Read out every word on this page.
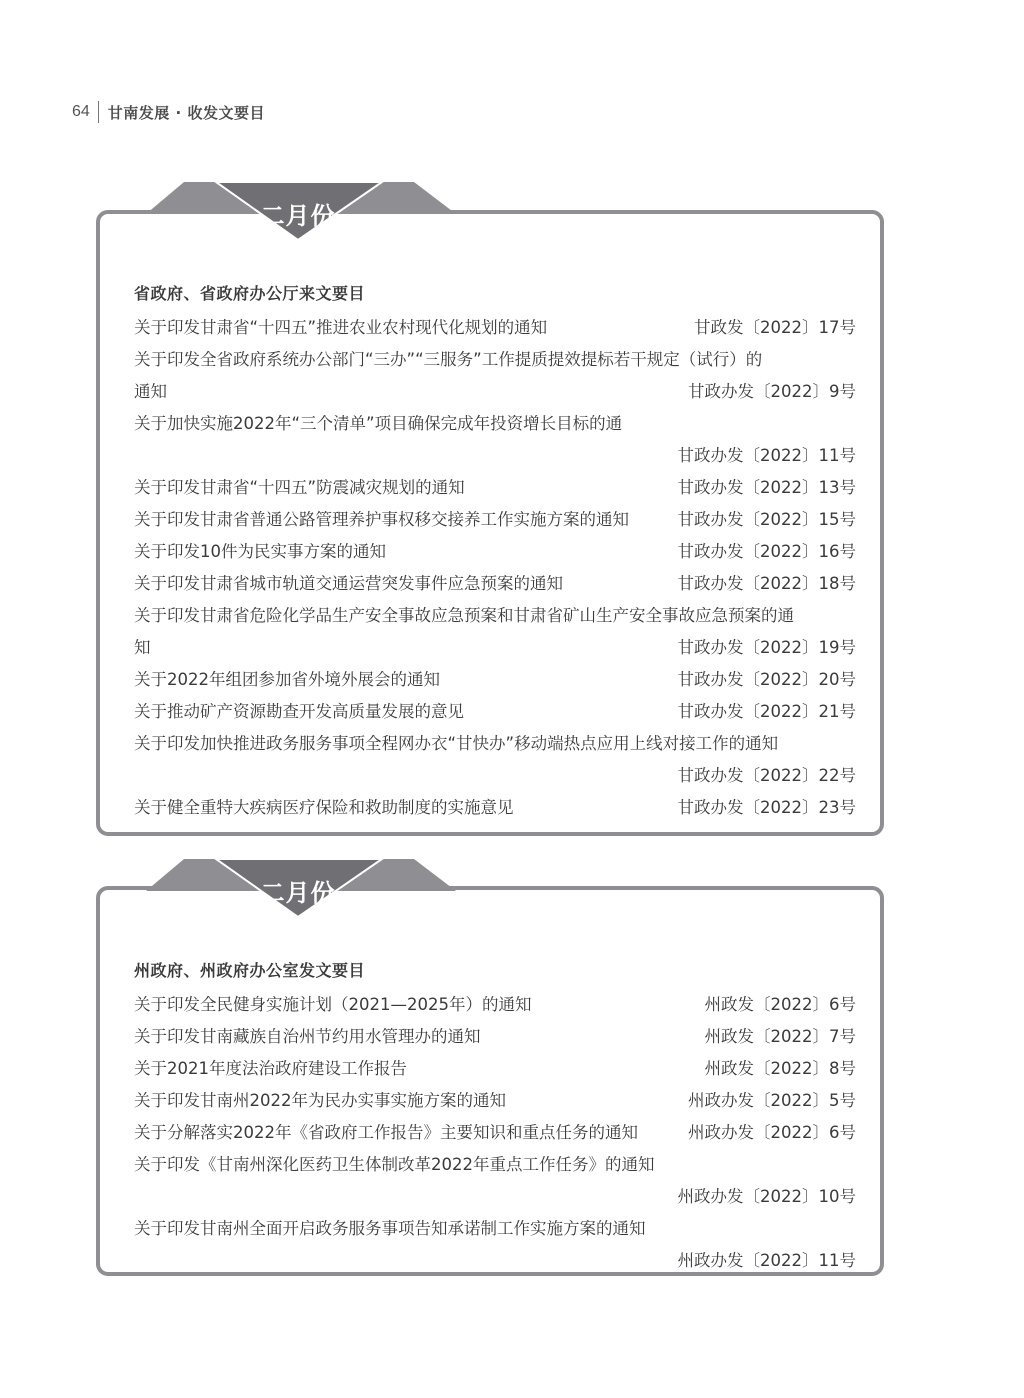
64 甘南发展 · 收发文要目
二月份
省政府、省政府办公厅来文要目
关于印发甘肃省“十四五”推进农业农村现代化规划的通知	甘政发〔2022〕17号
关于印发全省政府系统办公部门“三办”“三服务”工作提质提效提标若干规定（试行）的
通知	甘政办发〔2022〕9号
关于加快实施2022年“三个清单”项目确保完成年投资增长目标的通
甘政办发〔2022〕11号
关于印发甘肃省“十四五”防震减灾规划的通知	甘政办发〔2022〕13号
关于印发甘肃省普通公路管理养护事权移交接养工作实施方案的通知	甘政办发〔2022〕15号
关于印发10件为民实事方案的通知	甘政办发〔2022〕16号
关于印发甘肃省城市轨道交通运营突发事件应急预案的通知	甘政办发〔2022〕18号
关于印发甘肃省危险化学品生产安全事故应急预案和甘肃省矿山生产安全事故应急预案的通
知	甘政办发〔2022〕19号
关于2022年组团参加省外境外展会的通知	甘政办发〔2022〕20号
关于推动矿产资源勘查开发高质量发展的意见	甘政办发〔2022〕21号
关于印发加快推进政务服务事项全程网办衣“甘快办”移动端热点应用上线对接工作的通知
甘政办发〔2022〕22号
关于健全重特大疾病医疗保险和救助制度的实施意见	甘政办发〔2022〕23号
二月份
州政府、州政府办公室发文要目
关于印发全民健身实施计划（2021—2025年）的通知	州政发〔2022〕6号
关于印发甘南藏族自治州节约用水管理办的通知	州政发〔2022〕7号
关于2021年度法治政府建设工作报告	州政发〔2022〕8号
关于印发甘南州2022年为民办实事实施方案的通知	州政办发〔2022〕5号
关于分解落实2022年《省政府工作报告》主要知识和重点任务的通知	州政办发〔2022〕6号
关于印发《甘南州深化医药卫生体制改革2022年重点工作任务》的通知
州政办发〔2022〕10号
关于印发甘南州全面开启政务服务事项告知承诺制工作实施方案的通知
州政办发〔2022〕11号
